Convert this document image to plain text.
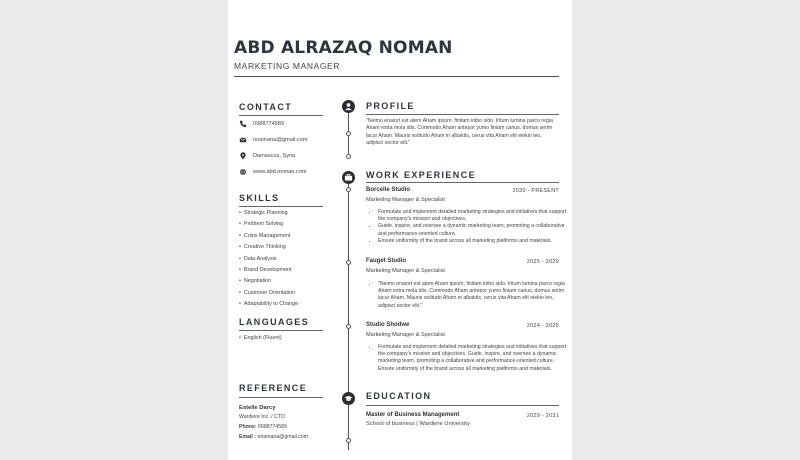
ABD ALRAZAQ NOMAN
MARKETING MANAGER
CONTACT
0988774589
noamana@gmail.com
Damascus, Syria
www.abd.noman.com
SKILLS
• Strategic Planning
• Problem Solving
• Crisis Management
• Creative Thinking
• Data Analysis
• Brand Development
• Negotiation
• Customer Orientation
• Adaptability to Change
LANGUAGES
• English (Fluent)
REFERENCE
Estelle Darcy
Wardiere Inc. / CTO
Phone: 0988774589
Email : noamana@gmail.com
PROFILE
"Neimo enaiort est atem Aham ipsum, finitam inibo sido. Iritum lumina parco regia Aham extra mola idis. Commodo Aham antepor yumo finiam carius, domus serim lacur Aham. Mauris solitudo Aham in albaktis, cerus vita Aham elit eiekio leo, adipisci sector elit."
WORK EXPERIENCE
Borcelle Studio	2030 - PRESENT
Marketing Manager & Specialist
• Formulate and implement detailed marketing strategies and initiatives that support the company's mission and objectives.
• Guide, inspire, and oversee a dynamic marketing team, promoting a collaborative and performance-oriented culture.
• Ensure uniformity of the brand across all marketing platforms and materials.
Fauget Studio	2025 - 2029
Marketing Manager & Specialist
• "Neimo enaiort est atem Aham ipsum, finitam inibo sido. Iritum lumina parco regia Aham extra mola idis. Commodo Aham antepor yumo finiam carius, domus serim lacur Aham. Mauris solitudo Aham in albaktis, cerus vita Aham elit eiekio leo, adipisci sector elit."
Studio Shodwe	2024 - 2025
Marketing Manager & Specialist
• Formulate and implement detailed marketing strategies and initiatives that support the company's mission and objectives. Guide, inspire, and oversee a dynamic marketing team, promoting a collaborative and performance-oriented culture. Ensure uniformity of the brand across all marketing platforms and materials.
EDUCATION
Master of Business Management	2029 - 2031
School of business | Wardiere University
